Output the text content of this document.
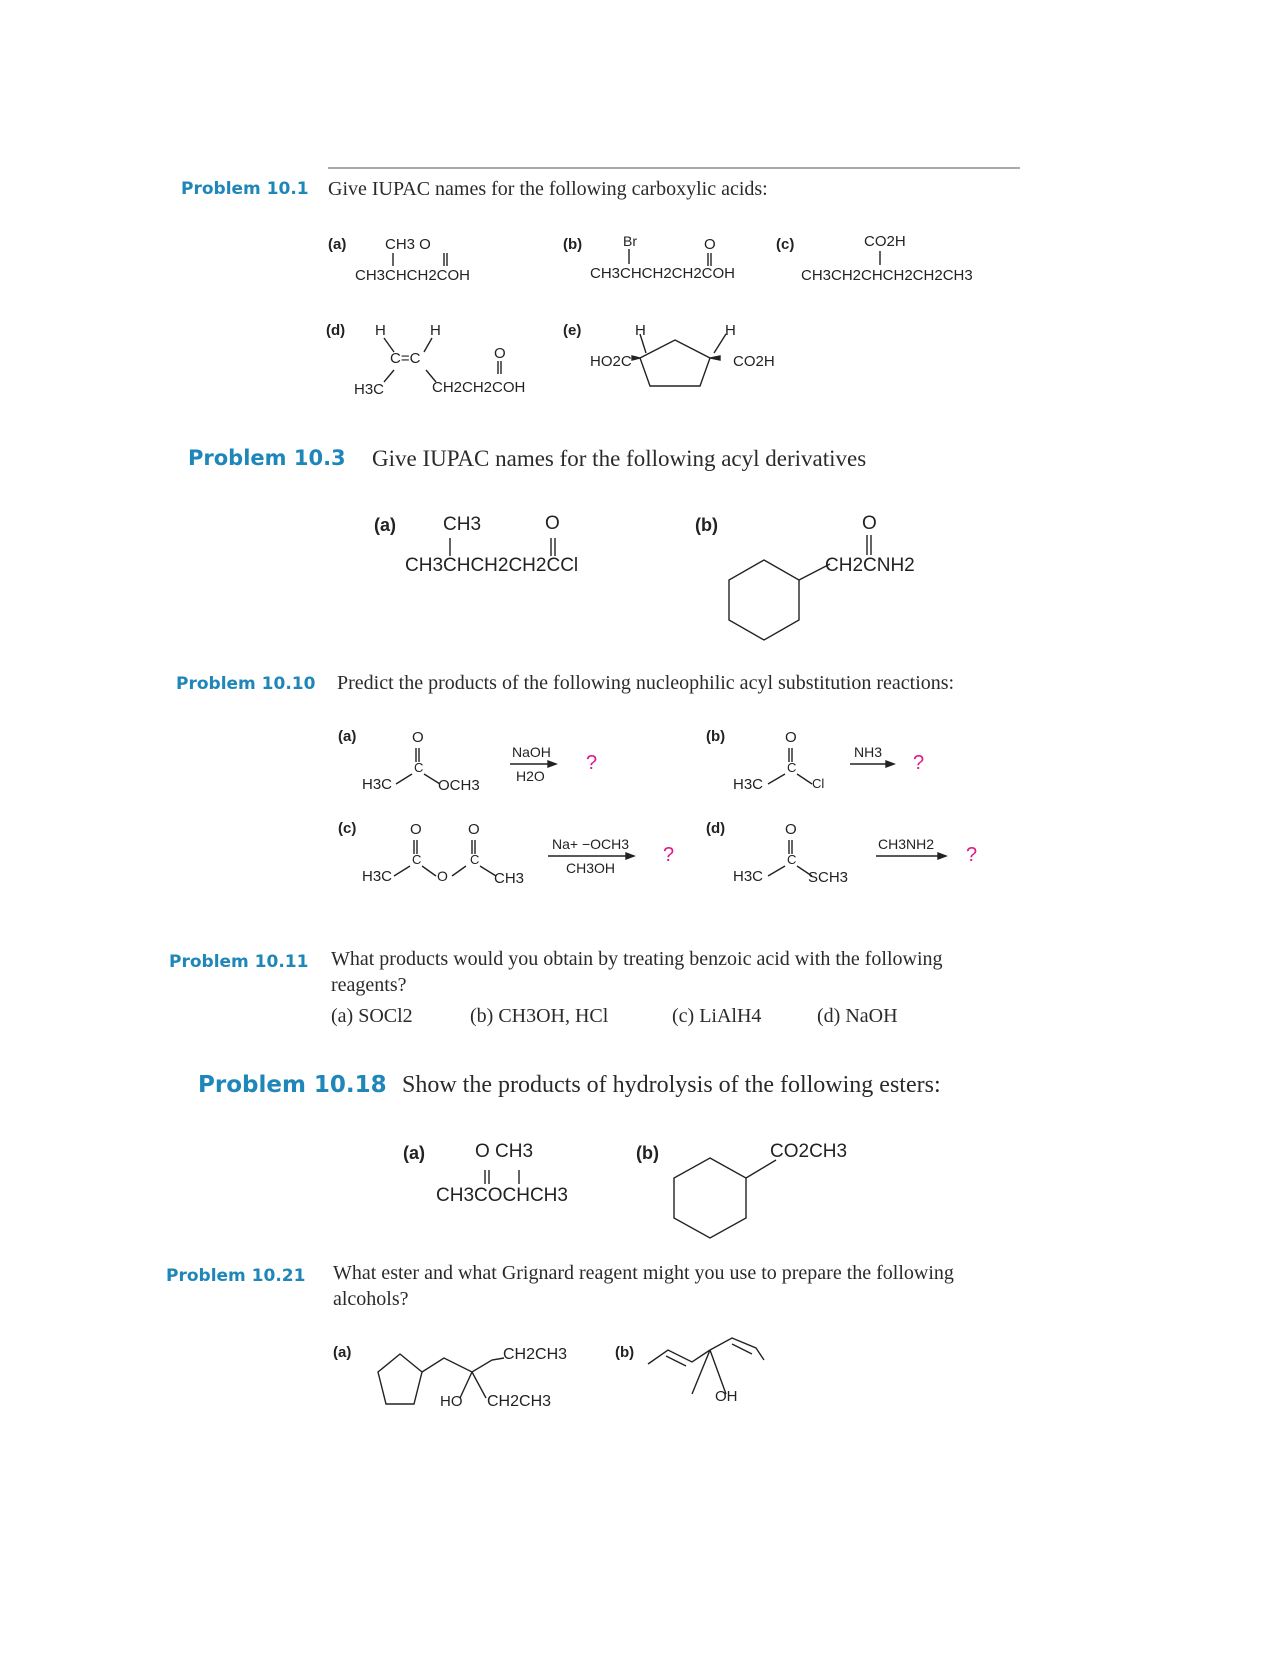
Problem 10.1 Give IUPAC names for the following carboxylic acids:
(a)	CH3 O
CH3CHCH2COH
(b)	Br	O
CH3CHCH2CH2COH
(c)	CO2H
CH3CH2CHCH2CH2CH3
(d) H	H
C=C	O
H3C	CH2CH2COH
(e)	H	H
HO2C	CO2H
Problem 10.3 Give IUPAC names for the following acyl derivatives
(a) CH3	O
CH3CHCH2CH2CCl
(b)	O
CH2CNH2
Problem 10.10 Predict the products of the following nucleophilic acyl substitution reactions:
(a)	O
C
H3C	OCH3
NaOH
H2O
?
(b)	O
C
H3C	Cl
NH3 ?
(c)	O	O
C	C
O
H3C	CH3
Na+ −OCH3
CH3OH
?
(d)	O
C
H3C	SCH3
CH3NH2 ?
Problem 10.11 What products would you obtain by treating benzoic acid with the following
reagents?
(a) SOCl2	(b) CH3OH, HCl	(c) LiAlH4	(d) NaOH
Problem 10.18 Show the products of hydrolysis of the following esters:
(a)	O CH3
CH3COCHCH3
(b)	CO2CH3
Problem 10.21 What ester and what Grignard reagent might you use to prepare the following
alcohols?
(a)	CH2CH3
HO CH2CH3
(b)
OH
